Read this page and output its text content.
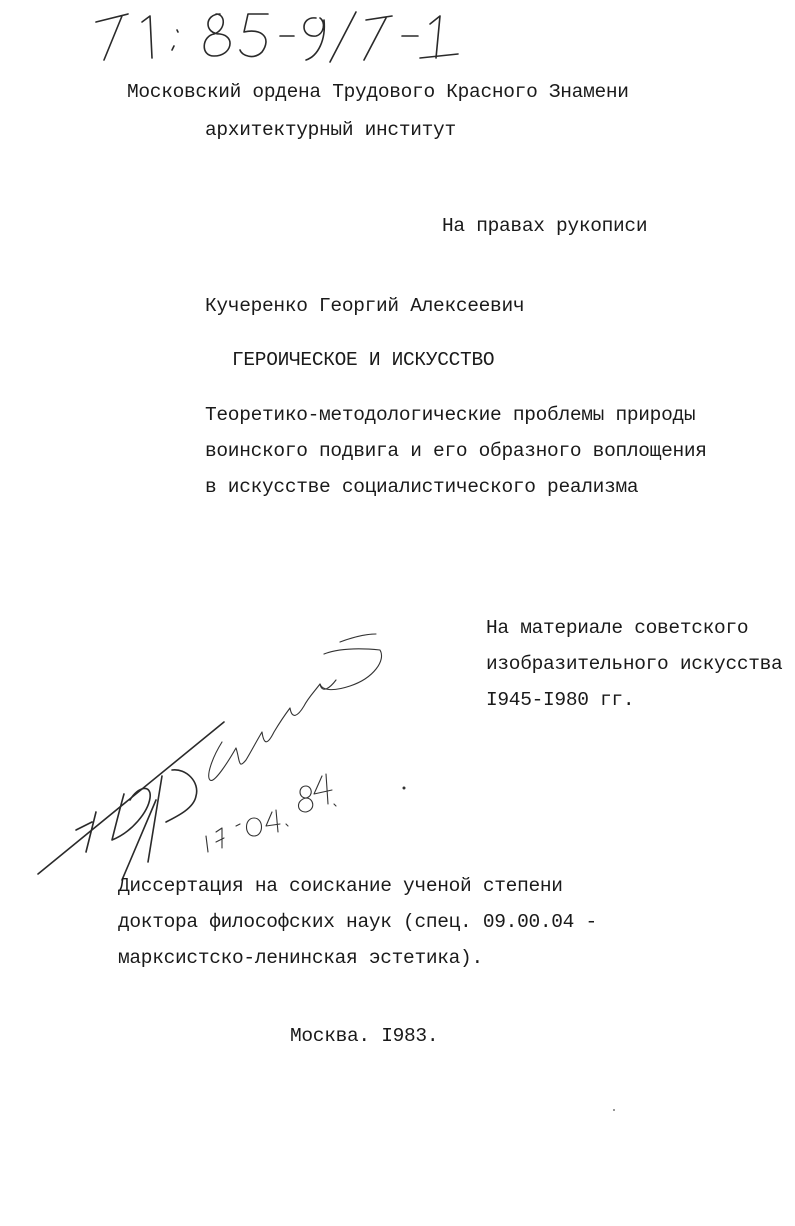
Московский ордена Трудового Красного Знамени
архитектурный институт
На правах рукописи
Кучеренко Георгий Алексеевич
ГЕРОИЧЕСКОЕ И ИСКУССТВО
Теоретико-методологические проблемы природы
воинского подвига и его образного воплощения
в искусстве социалистического реализма
На материале советского
изобразительного искусства
I945-I980 гг.
Диссертация на соискание ученой степени
доктора философских наук (спец. 09.00.04 -
марксистско-ленинская эстетика).
Москва. I983.
